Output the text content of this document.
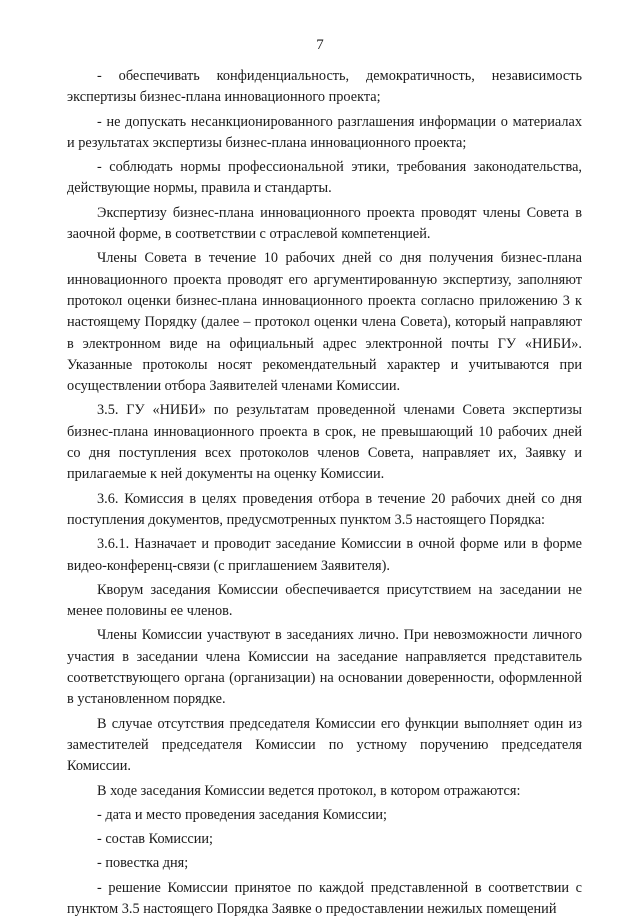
7

- обеспечивать конфиденциальность, демократичность, независимость экспертизы бизнес-плана инновационного проекта;

- не допускать несанкционированного разглашения информации о материалах и результатах экспертизы бизнес-плана инновационного проекта;

- соблюдать нормы профессиональной этики, требования законодательства, действующие нормы, правила и стандарты.

Экспертизу бизнес-плана инновационного проекта проводят члены Совета в заочной форме, в соответствии с отраслевой компетенцией.

Члены Совета в течение 10 рабочих дней со дня получения бизнес-плана инновационного проекта проводят его аргументированную экспертизу, заполняют протокол оценки бизнес-плана инновационного проекта согласно приложению 3 к настоящему Порядку (далее – протокол оценки члена Совета), который направляют в электронном виде на официальный адрес электронной почты ГУ «НИБИ». Указанные протоколы носят рекомендательный характер и учитываются при осуществлении отбора Заявителей членами Комиссии.

3.5. ГУ «НИБИ» по результатам проведенной членами Совета экспертизы бизнес-плана инновационного проекта в срок, не превышающий 10 рабочих дней со дня поступления всех протоколов членов Совета, направляет их, Заявку и прилагаемые к ней документы на оценку Комиссии.

3.6. Комиссия в целях проведения отбора в течение 20 рабочих дней со дня поступления документов, предусмотренных пунктом 3.5 настоящего Порядка:

3.6.1. Назначает и проводит заседание Комиссии в очной форме или в форме видео-конференц-связи (с приглашением Заявителя).

Кворум заседания Комиссии обеспечивается присутствием на заседании не менее половины ее членов.

Члены Комиссии участвуют в заседаниях лично. При невозможности личного участия в заседании члена Комиссии на заседание направляется представитель соответствующего органа (организации) на основании доверенности, оформленной в установленном порядке.

В случае отсутствия председателя Комиссии его функции выполняет один из заместителей председателя Комиссии по устному поручению председателя Комиссии.

В ходе заседания Комиссии ведется протокол, в котором отражаются:

- дата и место проведения заседания Комиссии;

- состав Комиссии;

- повестка дня;

- решение Комиссии принятое по каждой представленной в соответствии с пунктом 3.5 настоящего Порядка Заявке о предоставлении нежилых помещений
